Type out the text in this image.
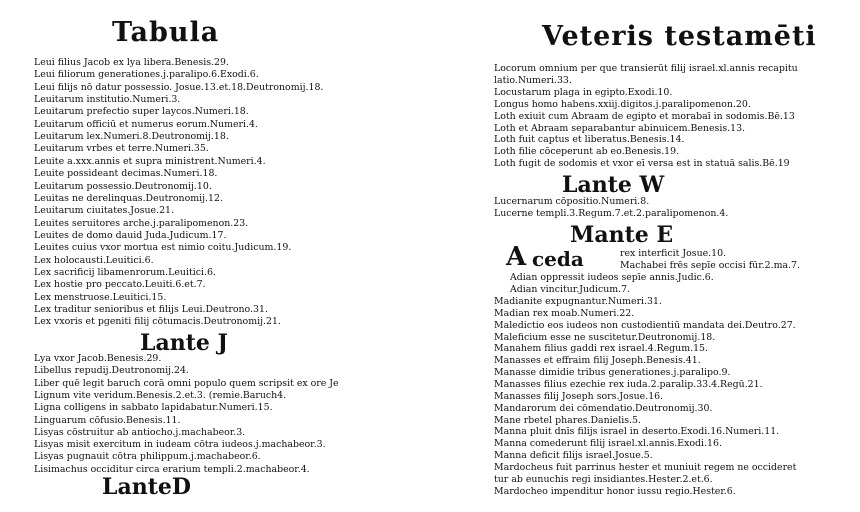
Tabula
Leui filius Jacob ex lya libera.Benesis.29.
Leui filiorum generationes.j.paralipo.6.Exodi.6.
Leui filijs nō datur possessio. Josue.13.et.18.Deutronomij.18.
Leuitarum institutio.Numeri.3.
Leuitarum prefectio super laycos.Numeri.18.
Leuitarum officiū et numerus eorum.Numeri.4.
Leuitarum lex.Numeri.8.Deutronomij.18.
Leuitarum vrbes et terre.Numeri.35.
Leuite a.xxx.annis et supra ministrent.Numeri.4.
Leuite possideant decimas.Numeri.18.
Leuitarum possessio.Deutronomij.10.
Leuitas ne derelinquas.Deutronomij.12.
Leuitarum ciuitates.Josue.21.
Leuites seruitores arche.j.paralipomenon.23.
Leuites de domo dauid Juda.Judicum.17.
Leuites cuius vxor mortua est nimio coitu.Judicum.19.
Lex holocausti.Leuitici.6.
Lex sacrificij libamenrorum.Leuitici.6.
Lex hostie pro peccato.Leuiti.6.et.7.
Lex menstruose.Leuitici.15.
Lex traditur senioribus et filijs Leui.Deutrono.31.
Lex vxoris et pgeniti filij cōtumacis.Deutronomij.21.
Lante J
Lya vxor Jacob.Benesis.29.
Libellus repudij.Deutronomij.24.
Liber quē legit baruch corā omni populo quem scripsit ex ore Je
Lignum vite veridum.Benesis.2.et.3. (remie.Baruch4.
Ligna colligens in sabbato lapidabatur.Numeri.15.
Linguarum cōfusio.Benesis.11.
Lisyas cōstruitur ab antiocho.j.machabeor.3.
Lisyas misit exercitum in iudeam cōtra iudeos.j.machabeor.3.
Lisyas pugnauit cōtra philippum.j.machabeor.6.
Lisimachus occiditur circa erarium templi.2.machabeor.4.
LanteD
Veteris testamēti
Locorum omnium per que transierūt filij israel.xl.annis recapitu
latio.Numeri.33.
Locustarum plaga in egipto.Exodi.10.
Longus homo habens.xxiij.digitos.j.paralipomenon.20.
Loth exiuit cum Abraam de egipto et morabaī in sodomis.Bē.13
Loth et Abraam separabantur abinuicem.Benesis.13.
Loth fuit captus et liberatus.Benesis.14.
Loth filie cōceperunt ab eo.Benesis.19.
Loth fugit de sodomis et vxor eī versa est in statuā salis.Bē.19
Lante W
Lucernarum cōpositio.Numeri.8.
Lucerne templi.3.Regum.7.et.2.paralipomenon.4.
Mante E
A ceda	rex interficit Josue.10.
Machabei frēs sepīe occisi fūr.2.ma.7.
Adian oppressit iudeos sepīe annis.Judic.6.
Adian vincitur.Judicum.7.
Madianite expugnantur.Numeri.31.
Madian rex moab.Numeri.22.
Maledictio eos iudeos non custodientiū mandata dei.Deutro.27.
Maleficium esse ne suscitetur.Deutronomij.18.
Manahem filius gaddi rex israel.4.Regum.15.
Manasses et effraim filij Joseph.Benesis.41.
Manasse dimidie tribus generationes.j.paralipo.9.
Manasses filius ezechie rex iuda.2.paralip.33.4.Regū.21.
Manasses filij Joseph sors.Josue.16.
Mandarorum dei cōmendatio.Deutronomij.30.
Mane rbetel phares.Danielis.5.
Manna pluit dnīs filijs israel in deserto.Exodi.16.Numeri.11.
Manna comederunt filij israel.xl.annis.Exodi.16.
Manna deficit filijs israel.Josue.5.
Mardocheus fuit parrinus hester et muniuit regem ne occideret
tur ab eunuchis regi insidiantes.Hester.2.et.6.
Mardocheo impenditur honor iussu regio.Hester.6.
